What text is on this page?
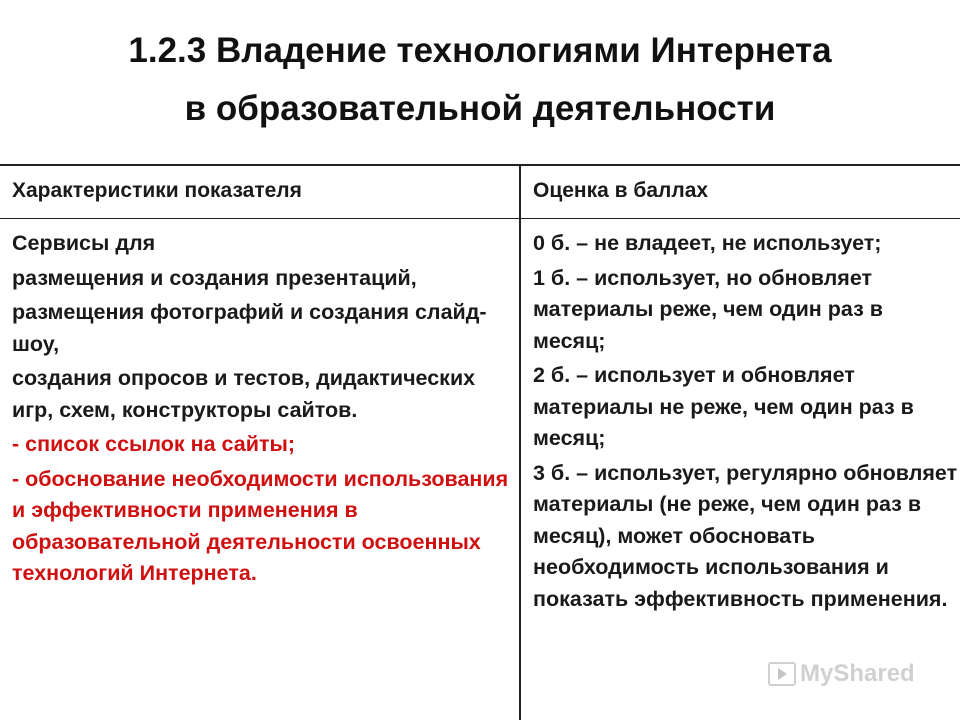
1.2.3 Владение технологиями Интернета
в образовательной деятельности
Характеристики показателя	Оценка в баллах

Сервисы для

размещения и создания презентаций,

размещения фотографий и создания слайд-шоу,

создания опросов и тестов, дидактических игр, схем, конструкторы сайтов.

- список ссылок на сайты;

- обоснование необходимости использования и эффективности применения в образовательной деятельности освоенных технологий Интернета.

0 б. – не владеет, не использует;

1 б. – использует, но обновляет материалы реже, чем один раз в месяц;

2 б. – использует и обновляет материалы не реже, чем один раз в месяц;

3 б. – использует, регулярно обновляет материалы (не реже, чем один раз в месяц), может обосновать необходимость использования и показать эффективность применения.

MyShared
